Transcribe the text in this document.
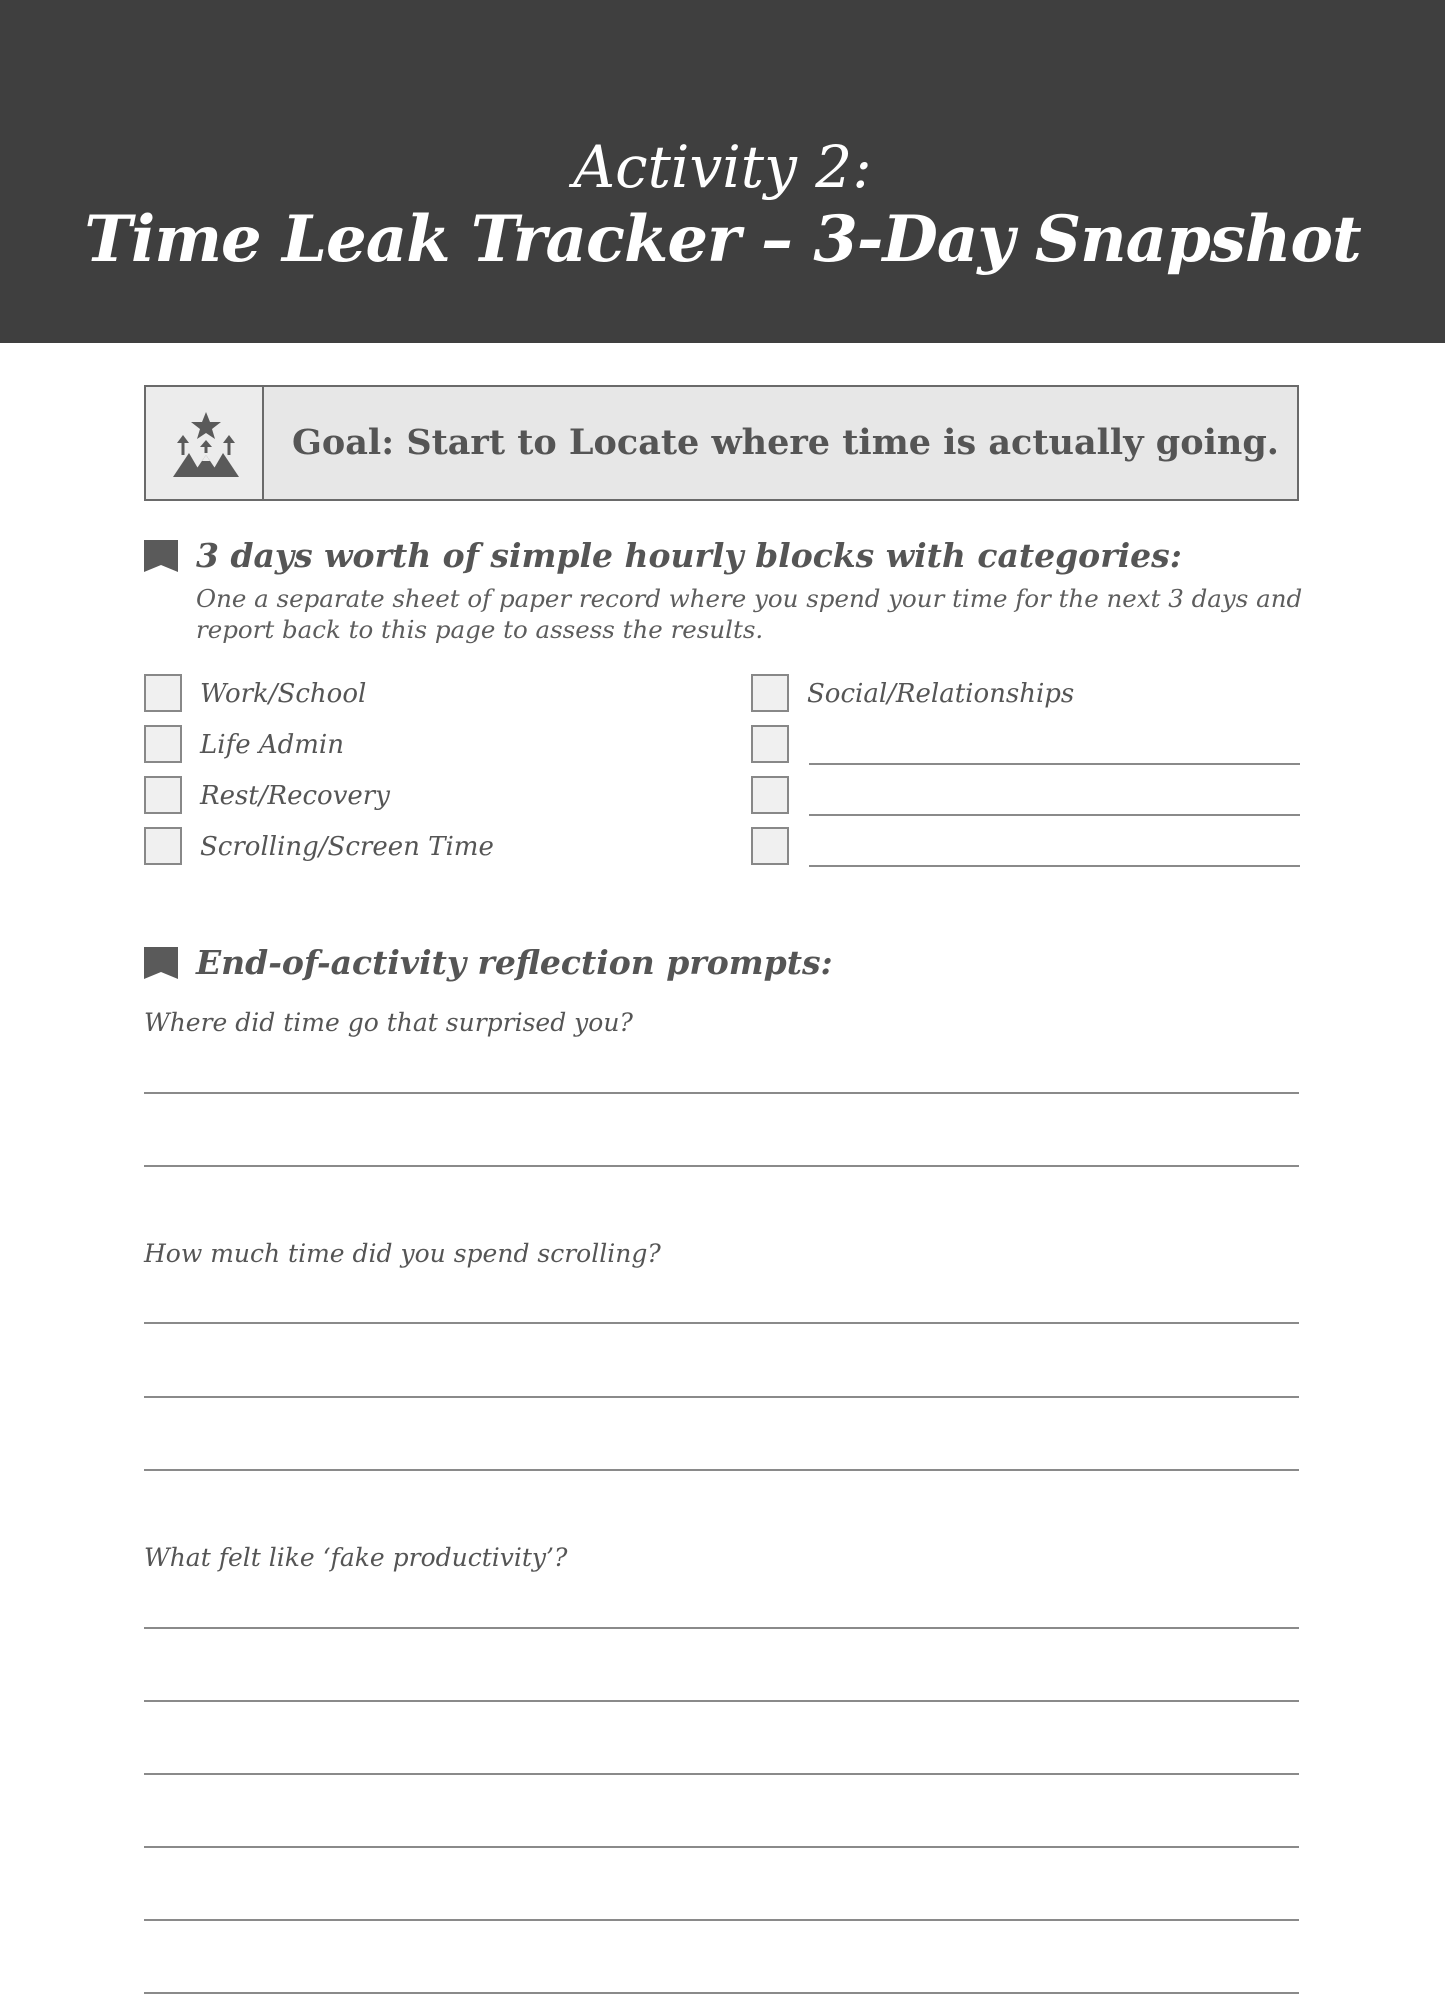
Activity 2:
Time Leak Tracker – 3-Day Snapshot
Goal: Start to Locate where time is actually going.
3 days worth of simple hourly blocks with categories:
One a separate sheet of paper record where you spend your time for the next 3 days and report back to this page to assess the results.
Work/School
Life Admin
Rest/Recovery
Scrolling/Screen Time
Social/Relationships
End-of-activity reflection prompts:
Where did time go that surprised you?
How much time did you spend scrolling?
What felt like ‘fake productivity’?
